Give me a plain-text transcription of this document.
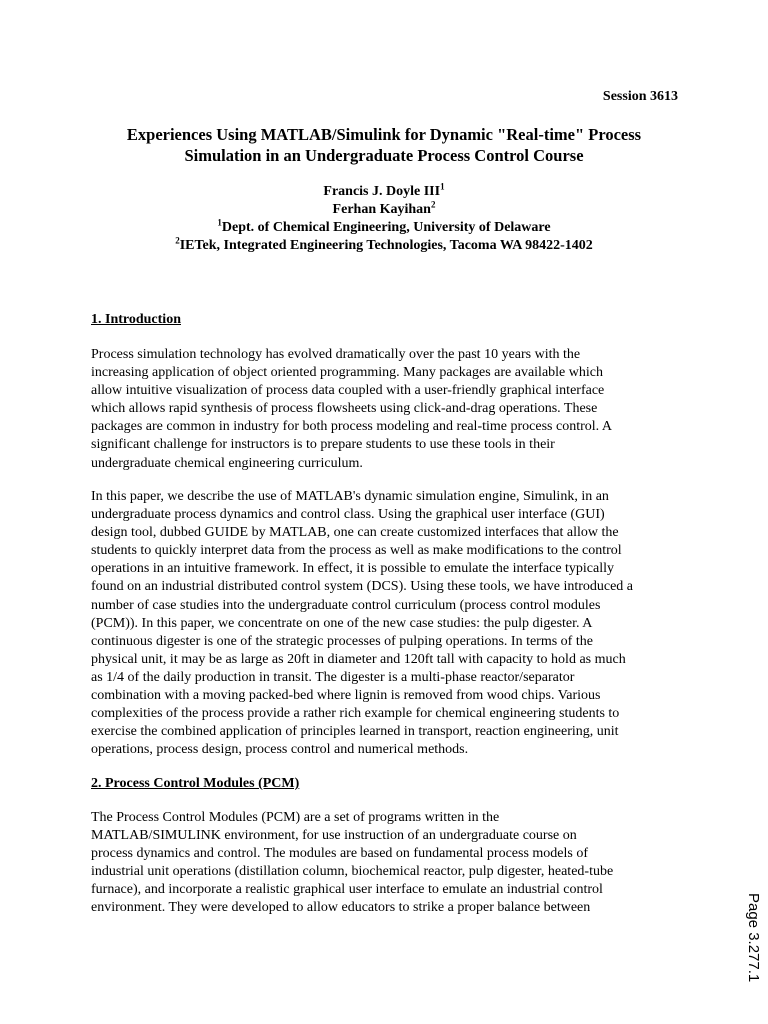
Session 3613
Experiences Using MATLAB/Simulink for Dynamic "Real-time" Process
Simulation in an Undergraduate Process Control Course
Francis J. Doyle III$^1$
Ferhan Kayihan$^2$
$^1$Dept. of Chemical Engineering, University of Delaware
$^2$IETek, Integrated Engineering Technologies, Tacoma WA 98422-1402
1. Introduction
Process simulation technology has evolved dramatically over the past 10 years with the
increasing application of object oriented programming. Many packages are available which
allow intuitive visualization of process data coupled with a user-friendly graphical interface
which allows rapid synthesis of process flowsheets using click-and-drag operations. These
packages are common in industry for both process modeling and real-time process control. A
significant challenge for instructors is to prepare students to use these tools in their
undergraduate chemical engineering curriculum.
In this paper, we describe the use of MATLAB's dynamic simulation engine, Simulink, in an
undergraduate process dynamics and control class. Using the graphical user interface (GUI)
design tool, dubbed GUIDE by MATLAB, one can create customized interfaces that allow the
students to quickly interpret data from the process as well as make modifications to the control
operations in an intuitive framework. In effect, it is possible to emulate the interface typically
found on an industrial distributed control system (DCS). Using these tools, we have introduced a
number of case studies into the undergraduate control curriculum (process control modules
(PCM)). In this paper, we concentrate on one of the new case studies: the pulp digester. A
continuous digester is one of the strategic processes of pulping operations. In terms of the
physical unit, it may be as large as 20ft in diameter and 120ft tall with capacity to hold as much
as 1/4 of the daily production in transit. The digester is a multi-phase reactor/separator
combination with a moving packed-bed where lignin is removed from wood chips. Various
complexities of the process provide a rather rich example for chemical engineering students to
exercise the combined application of principles learned in transport, reaction engineering, unit
operations, process design, process control and numerical methods.
2. Process Control Modules (PCM)
The Process Control Modules (PCM) are a set of programs written in the
MATLAB/SIMULINK environment, for use instruction of an undergraduate course on
process dynamics and control. The modules are based on fundamental process models of
industrial unit operations (distillation column, biochemical reactor, pulp digester, heated-tube
furnace), and incorporate a realistic graphical user interface to emulate an industrial control
environment. They were developed to allow educators to strike a proper balance between	Page 3.277.1
